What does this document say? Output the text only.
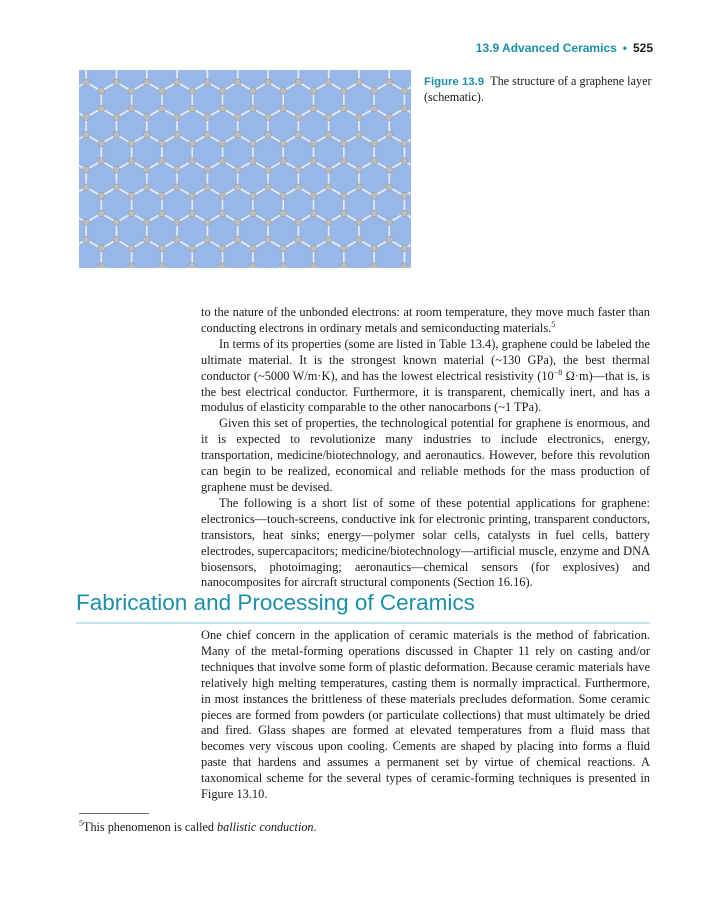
13.9 Advanced Ceramics • 525
Figure 13.9 The structure of a graphene layer (schematic).

to the nature of the unbonded electrons: at room temperature, they move much faster than conducting electrons in ordinary metals and semiconducting materials.$^5$

In terms of its properties (some are listed in Table 13.4), graphene could be labeled the ultimate material. It is the strongest known material (~130 GPa), the best thermal conductor (~5000 W/m·K), and has the lowest electrical resistivity ($10^{-8}$ Ω·m)—that is, is the best electrical conductor. Furthermore, it is transparent, chemically inert, and has a modulus of elasticity comparable to the other nanocarbons (~1 TPa).

Given this set of properties, the technological potential for graphene is enormous, and it is expected to revolutionize many industries to include electronics, energy, transportation, medicine/biotechnology, and aeronautics. However, before this revolution can begin to be realized, economical and reliable methods for the mass production of graphene must be devised.

The following is a short list of some of these potential applications for graphene: electronics—touch-screens, conductive ink for electronic printing, transparent conductors, transistors, heat sinks; energy—polymer solar cells, catalysts in fuel cells, battery electrodes, supercapacitors; medicine/biotechnology—artificial muscle, enzyme and DNA biosensors, photoimaging; aeronautics—chemical sensors (for explosives) and nanocomposites for aircraft structural components (Section 16.16).

Fabrication and Processing of Ceramics

One chief concern in the application of ceramic materials is the method of fabrication. Many of the metal-forming operations discussed in Chapter 11 rely on casting and/or techniques that involve some form of plastic deformation. Because ceramic materials have relatively high melting temperatures, casting them is normally impractical. Furthermore, in most instances the brittleness of these materials precludes deformation. Some ceramic pieces are formed from powders (or particulate collections) that must ultimately be dried and fired. Glass shapes are formed at elevated temperatures from a fluid mass that becomes very viscous upon cooling. Cements are shaped by placing into forms a fluid paste that hardens and assumes a permanent set by virtue of chemical reactions. A taxonomical scheme for the several types of ceramic-forming techniques is presented in Figure 13.10.

$^5$This phenomenon is called ballistic conduction.
